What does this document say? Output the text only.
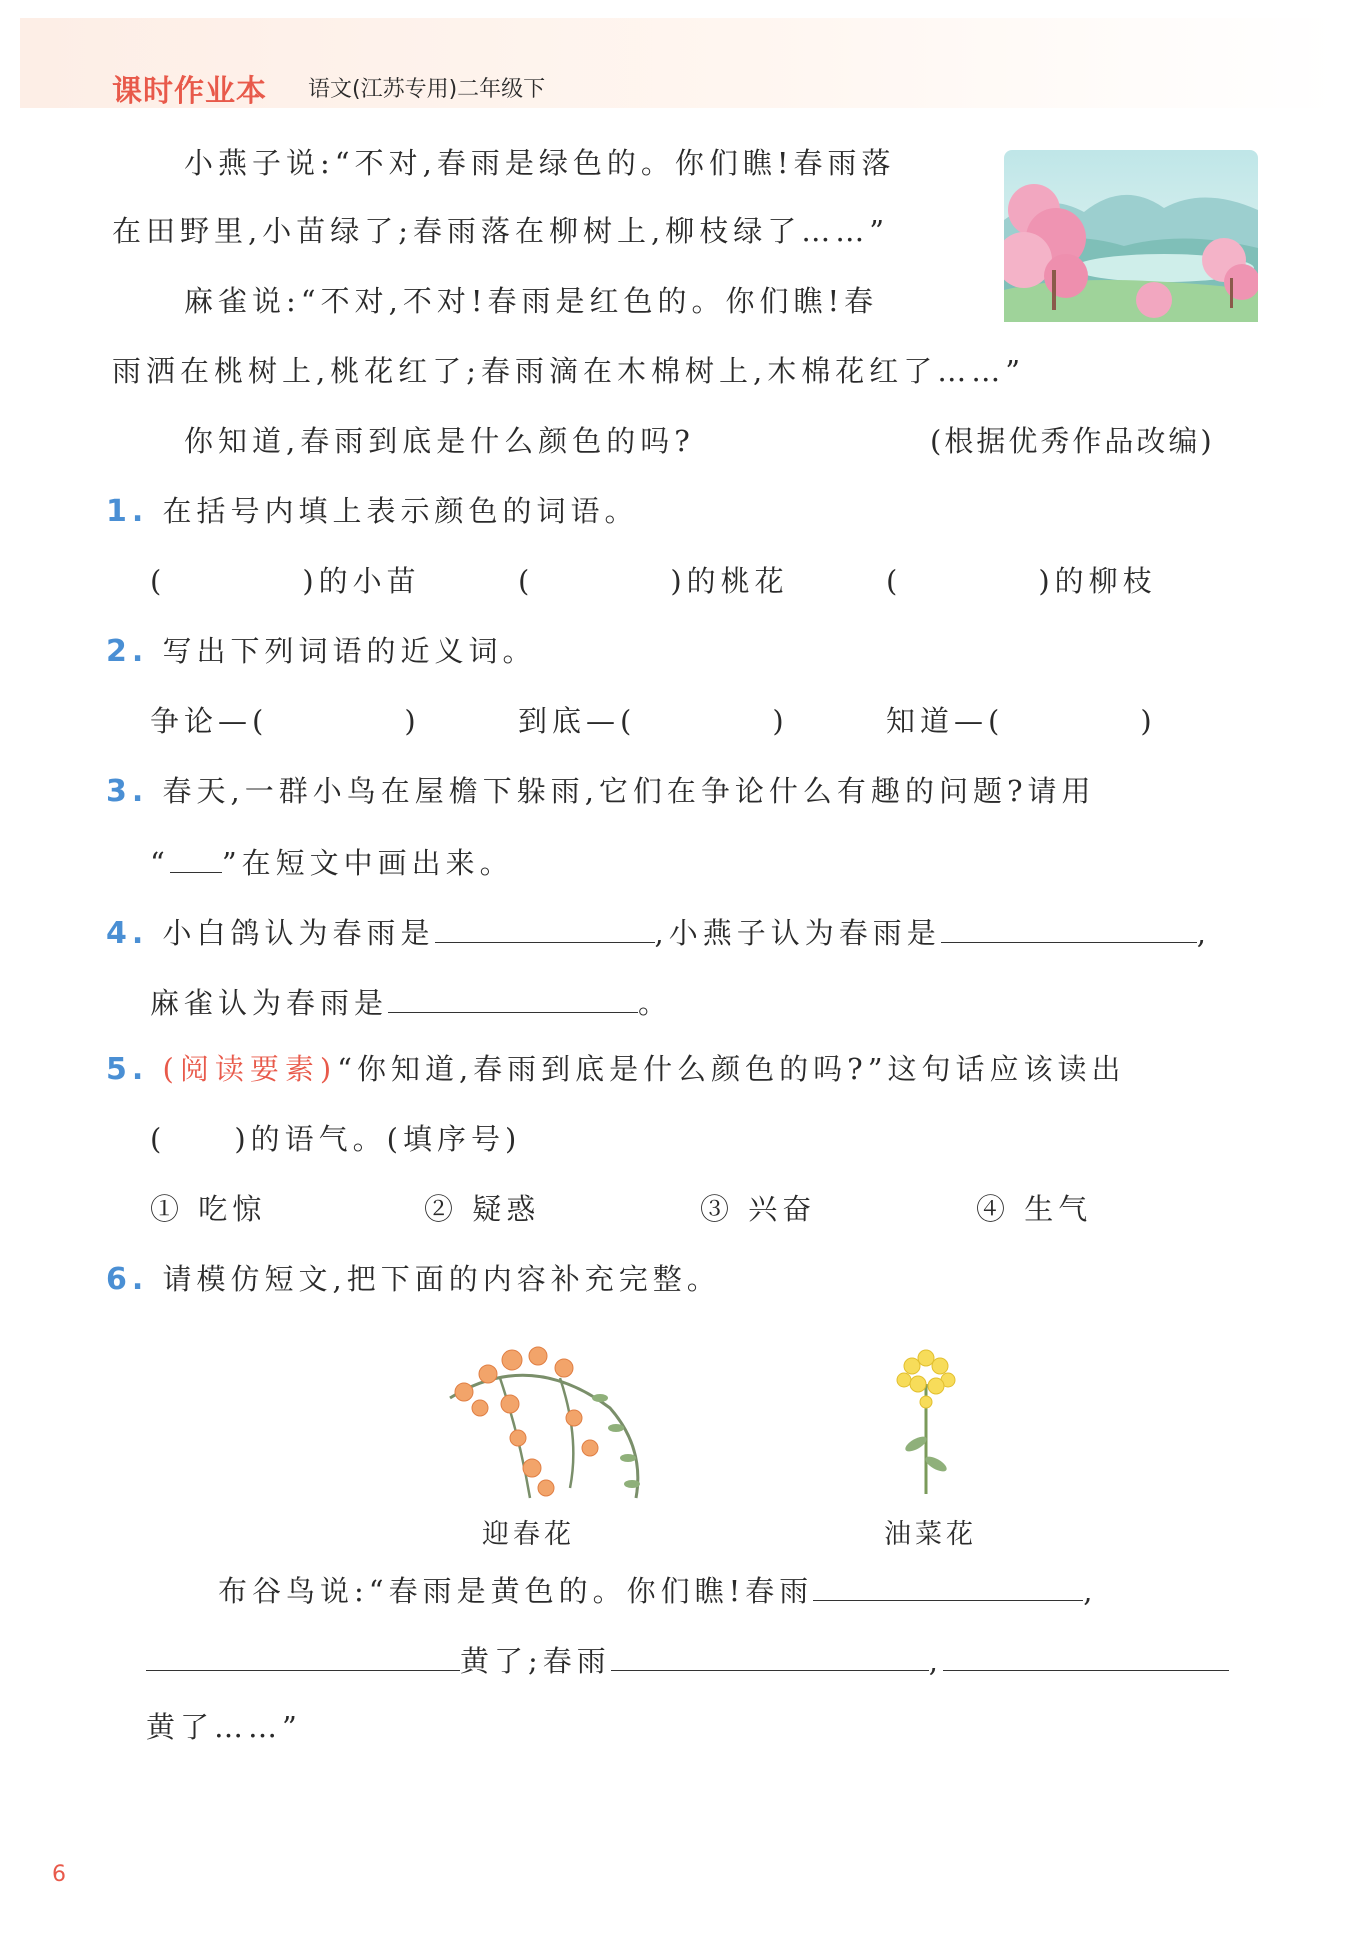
课时作业本 语文(江苏专用)二年级下
小燕子说:“不对,春雨是绿色的。你们瞧!春雨落
在田野里,小苗绿了;春雨落在柳树上,柳枝绿了……”
麻雀说:“不对,不对!春雨是红色的。你们瞧!春
雨洒在桃树上,桃花红了;春雨滴在木棉树上,木棉花红了……”
你知道,春雨到底是什么颜色的吗?	(根据优秀作品改编)
1. 在括号内填上表示颜色的词语。
(　　　　)的小苗	(　　　　)的桃花	(　　　　)的柳枝
2. 写出下列词语的近义词。
争论—(　　　　)	到底—(　　　　)	知道—(　　　　)
3. 春天,一群小鸟在屋檐下躲雨,它们在争论什么有趣的问题?请用
“ ”在短文中画出来。
4. 小白鸽认为春雨是	,小燕子认为春雨是	,
麻雀认为春雨是	。
5. (阅读要素)“你知道,春雨到底是什么颜色的吗?”这句话应该读出
(　　)的语气。(填序号)
① 吃惊	② 疑惑	③ 兴奋	④ 生气
6. 请模仿短文,把下面的内容补充完整。
迎春花	油菜花
布谷鸟说:“春雨是黄色的。你们瞧!春雨	,
黄了;春雨	,
黄了……”
6
